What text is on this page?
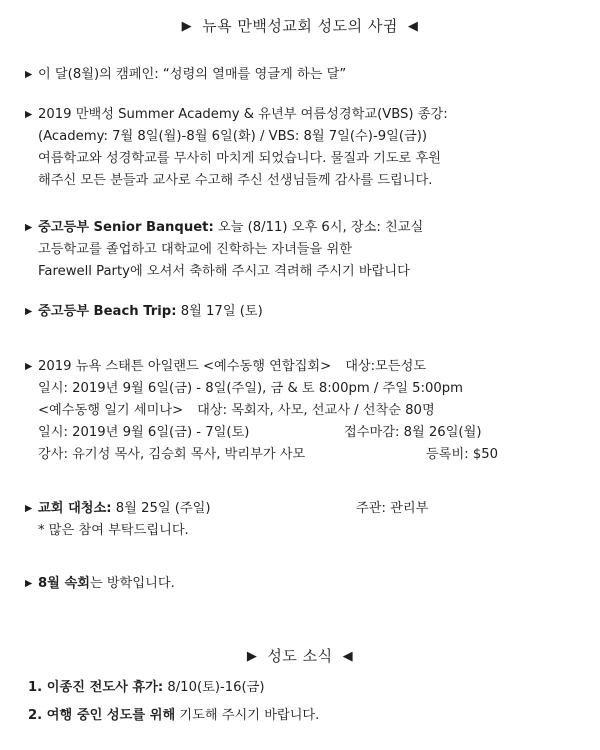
▶ 뉴욕 만백성교회 성도의 사귐 ◀
▶ 이 달(8월)의 캠페인: “성령의 열매를 영글게 하는 달”
▶ 2019 만백성 Summer Academy & 유년부 여름성경학교(VBS) 종강:
(Academy: 7월 8일(월)-8월 6일(화) / VBS: 8월 7일(수)-9일(금))
여름학교와 성경학교를 무사히 마치게 되었습니다. 물질과 기도로 후원
해주신 모든 분들과 교사로 수고해 주신 선생님들께 감사를 드립니다.
▶ 중고등부 Senior Banquet: 오늘 (8/11) 오후 6시, 장소: 친교실
고등학교를 졸업하고 대학교에 진학하는 자녀들을 위한
Farewell Party에 오셔서 축하해 주시고 격려해 주시기 바랍니다
▶ 중고등부 Beach Trip: 8월 17일 (토)
▶ 2019 뉴욕 스태튼 아일랜드 <예수동행 연합집회> 대상:모든성도
일시: 2019년 9월 6일(금) - 8일(주일), 금 & 토 8:00pm / 주일 5:00pm
<예수동행 일기 세미나> 대상: 목회자, 사모, 선교사 / 선착순 80명
일시: 2019년 9월 6일(금) - 7일(토)	접수마감: 8월 26일(월)
강사: 유기성 목사, 김승회 목사, 박리부가 사모	등록비: $50
▶ 교회 대청소: 8월 25일 (주일)	주관: 관리부
* 많은 참여 부탁드립니다.
▶ 8월 속회는 방학입니다.
▶ 성도 소식 ◀
1. 이종진 전도사 휴가: 8/10(토)-16(금)
2. 여행 중인 성도를 위해 기도해 주시기 바랍니다.
